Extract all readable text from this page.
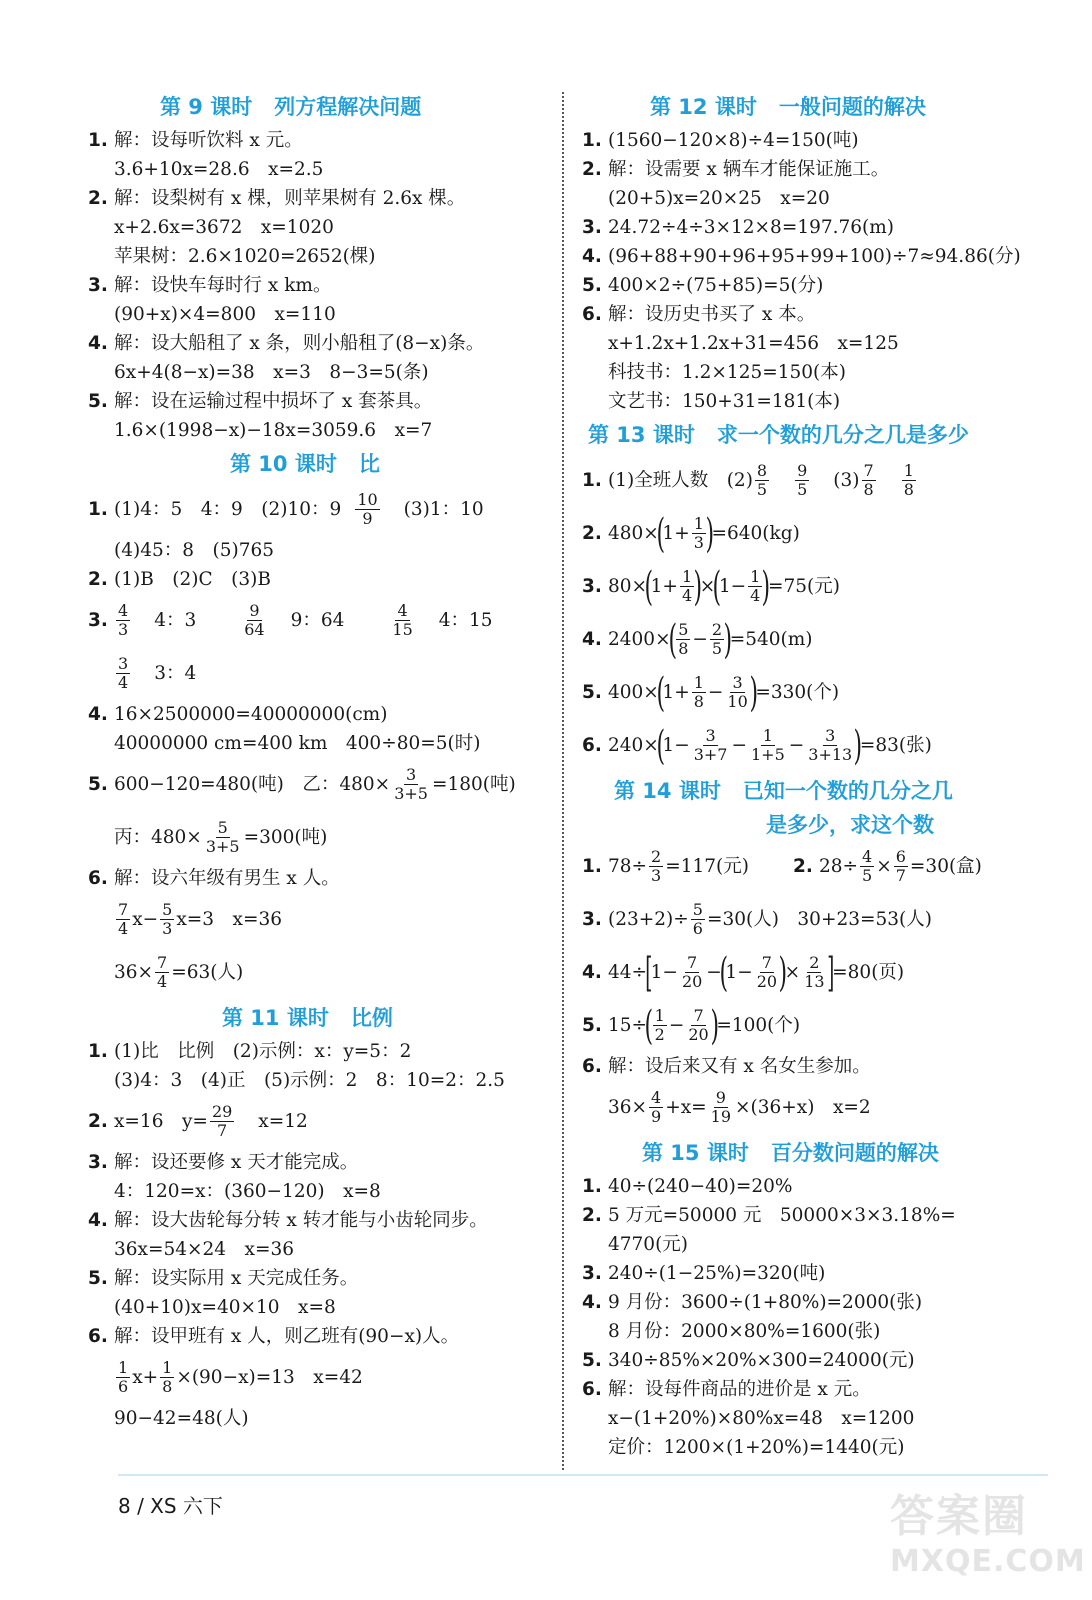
第 9 课时 列方程解决问题
1. 解：设每听饮料 x 元。
3.6+10x=28.6　x=2.5
2. 解：设梨树有 x 棵，则苹果树有 2.6x 棵。
x+2.6x=3672　x=1020
苹果树：2.6×1020=2652(棵)
3. 解：设快车每时行 x km。
(90+x)×4=800　x=110
4. 解：设大船租了 x 条，则小船租了(8−x)条。
6x+4(8−x)=38　x=3　8−3=5(条)
5. 解：设在运输过程中损坏了 x 套茶具。
1.6×(1998−x)−18x=3059.6　x=7
第 10 课时 比
1. (1)4：5　4：9　(2)10：$9 \frac{10}{9} (3)1$：10
(4)45：8　(5)765
2. (1)B　(2)C　(3)B
3. $\frac{4}{3} 4$：3	$\frac{9}{64} 9$：64	$\frac{4}{15} 4$：15
$\frac{3}{4} 3$：4
4. 16×2500000=40000000(cm)
40000000 cm=400 km　400÷80=5(时)
5. 600−120=480(吨)　乙：$480\times \frac{3}{3+5} =180$(吨)
丙：$480\times \frac{5}{3+5} =300$(吨)
6. 解：设六年级有男生 x 人。
$\frac{7}{4} x- \frac{5}{3} x=3$　x=36
$36\times \frac{7}{4} =63$(人)
第 11 课时 比例
1. (1)比　比例　(2)示例：x：y=5：2
(3)4：3　(4)正　(5)示例：2　8：10=2：2.5
2. x=16　$y= \frac{29}{7} x=12$
3. 解：设还要修 x 天才能完成。
4：120=x：(360−120)　x=8
4. 解：设大齿轮每分转 x 转才能与小齿轮同步。
36x=54×24　x=36
5. 解：设实际用 x 天完成任务。
(40+10)x=40×10　x=8
6. 解：设甲班有 x 人，则乙班有(90−x)人。
$\frac{1}{6} x+ \frac{1}{8} \times(90-x)=13$　x=42
90−42=48(人)
第 12 课时 一般问题的解决
1. (1560−120×8)÷4=150(吨)
2. 解：设需要 x 辆车才能保证施工。
(20+5)x=20×25　x=20
3. 24.72÷4÷3×12×8=197.76(m)
4. (96+88+90+96+95+99+100)÷7≈94.86(分)
5. 400×2÷(75+85)=5(分)
6. 解：设历史书买了 x 本。
x+1.2x+1.2x+31=456　x=125
科技书：1.2×125=150(本)
文艺书：150+31=181(本)
第 13 课时 求一个数的几分之几是多少
1. (1)全班人数　$(2) \frac{8}{5} \frac{9}{5} (3) \frac{7}{8} \frac{1}{8}$
2. 480×
(
$1+ \frac{1}{3}$ )
=640(kg)
3. 80×
(
$1+ \frac{1}{4}$ )
×
(
$1- \frac{1}{4}$ )
=75(元)
4. 2400×
( $\frac{5}{8} - \frac{2}{5}$ )
=540(m)
5. 400×
(
$1+ \frac{1}{8} - \frac{3}{10}$ )
=330(个)
6. 240×
(
$1- \frac{3}{3+7} - \frac{1}{1+5} - \frac{3}{3+13}$ )
=83(张)
第 14 课时 已知一个数的几分之几
是多少，求这个数
1. $78\div \frac{2}{3} =117$(元) 2. $28\div \frac{4}{5} \times \frac{6}{7} =30$(盒)
3. $(23+2)\div \frac{5}{6} =30$(人)　30+23=53(人)
4. 44÷
[
$1- \frac{7}{20}$ −
(
$1- \frac{7}{20}$ )
× $\frac{2}{13}$ ]
=80(页)
5. 15÷
( $\frac{1}{2} - \frac{7}{20}$ )
=100(个)
6. 解：设后来又有 x 名女生参加。
$36\times \frac{4}{9} +x= \frac{9}{19} \times(36+x)$　x=2
第 15 课时 百分数问题的解决
1. 40÷(240−40)=20%
2. 5 万元=50000 元　50000×3×3.18%=
4770(元)
3. 240÷(1−25%)=320(吨)
4. 9 月份：3600÷(1+80%)=2000(张)
8 月份：2000×80%=1600(张)
5. 340÷85%×20%×300=24000(元)
6. 解：设每件商品的进价是 x 元。
x−(1+20%)×80%x=48　x=1200
定价：1200×(1+20%)=1440(元)
8 / XS 六下	答案圈
MXQE.COM
